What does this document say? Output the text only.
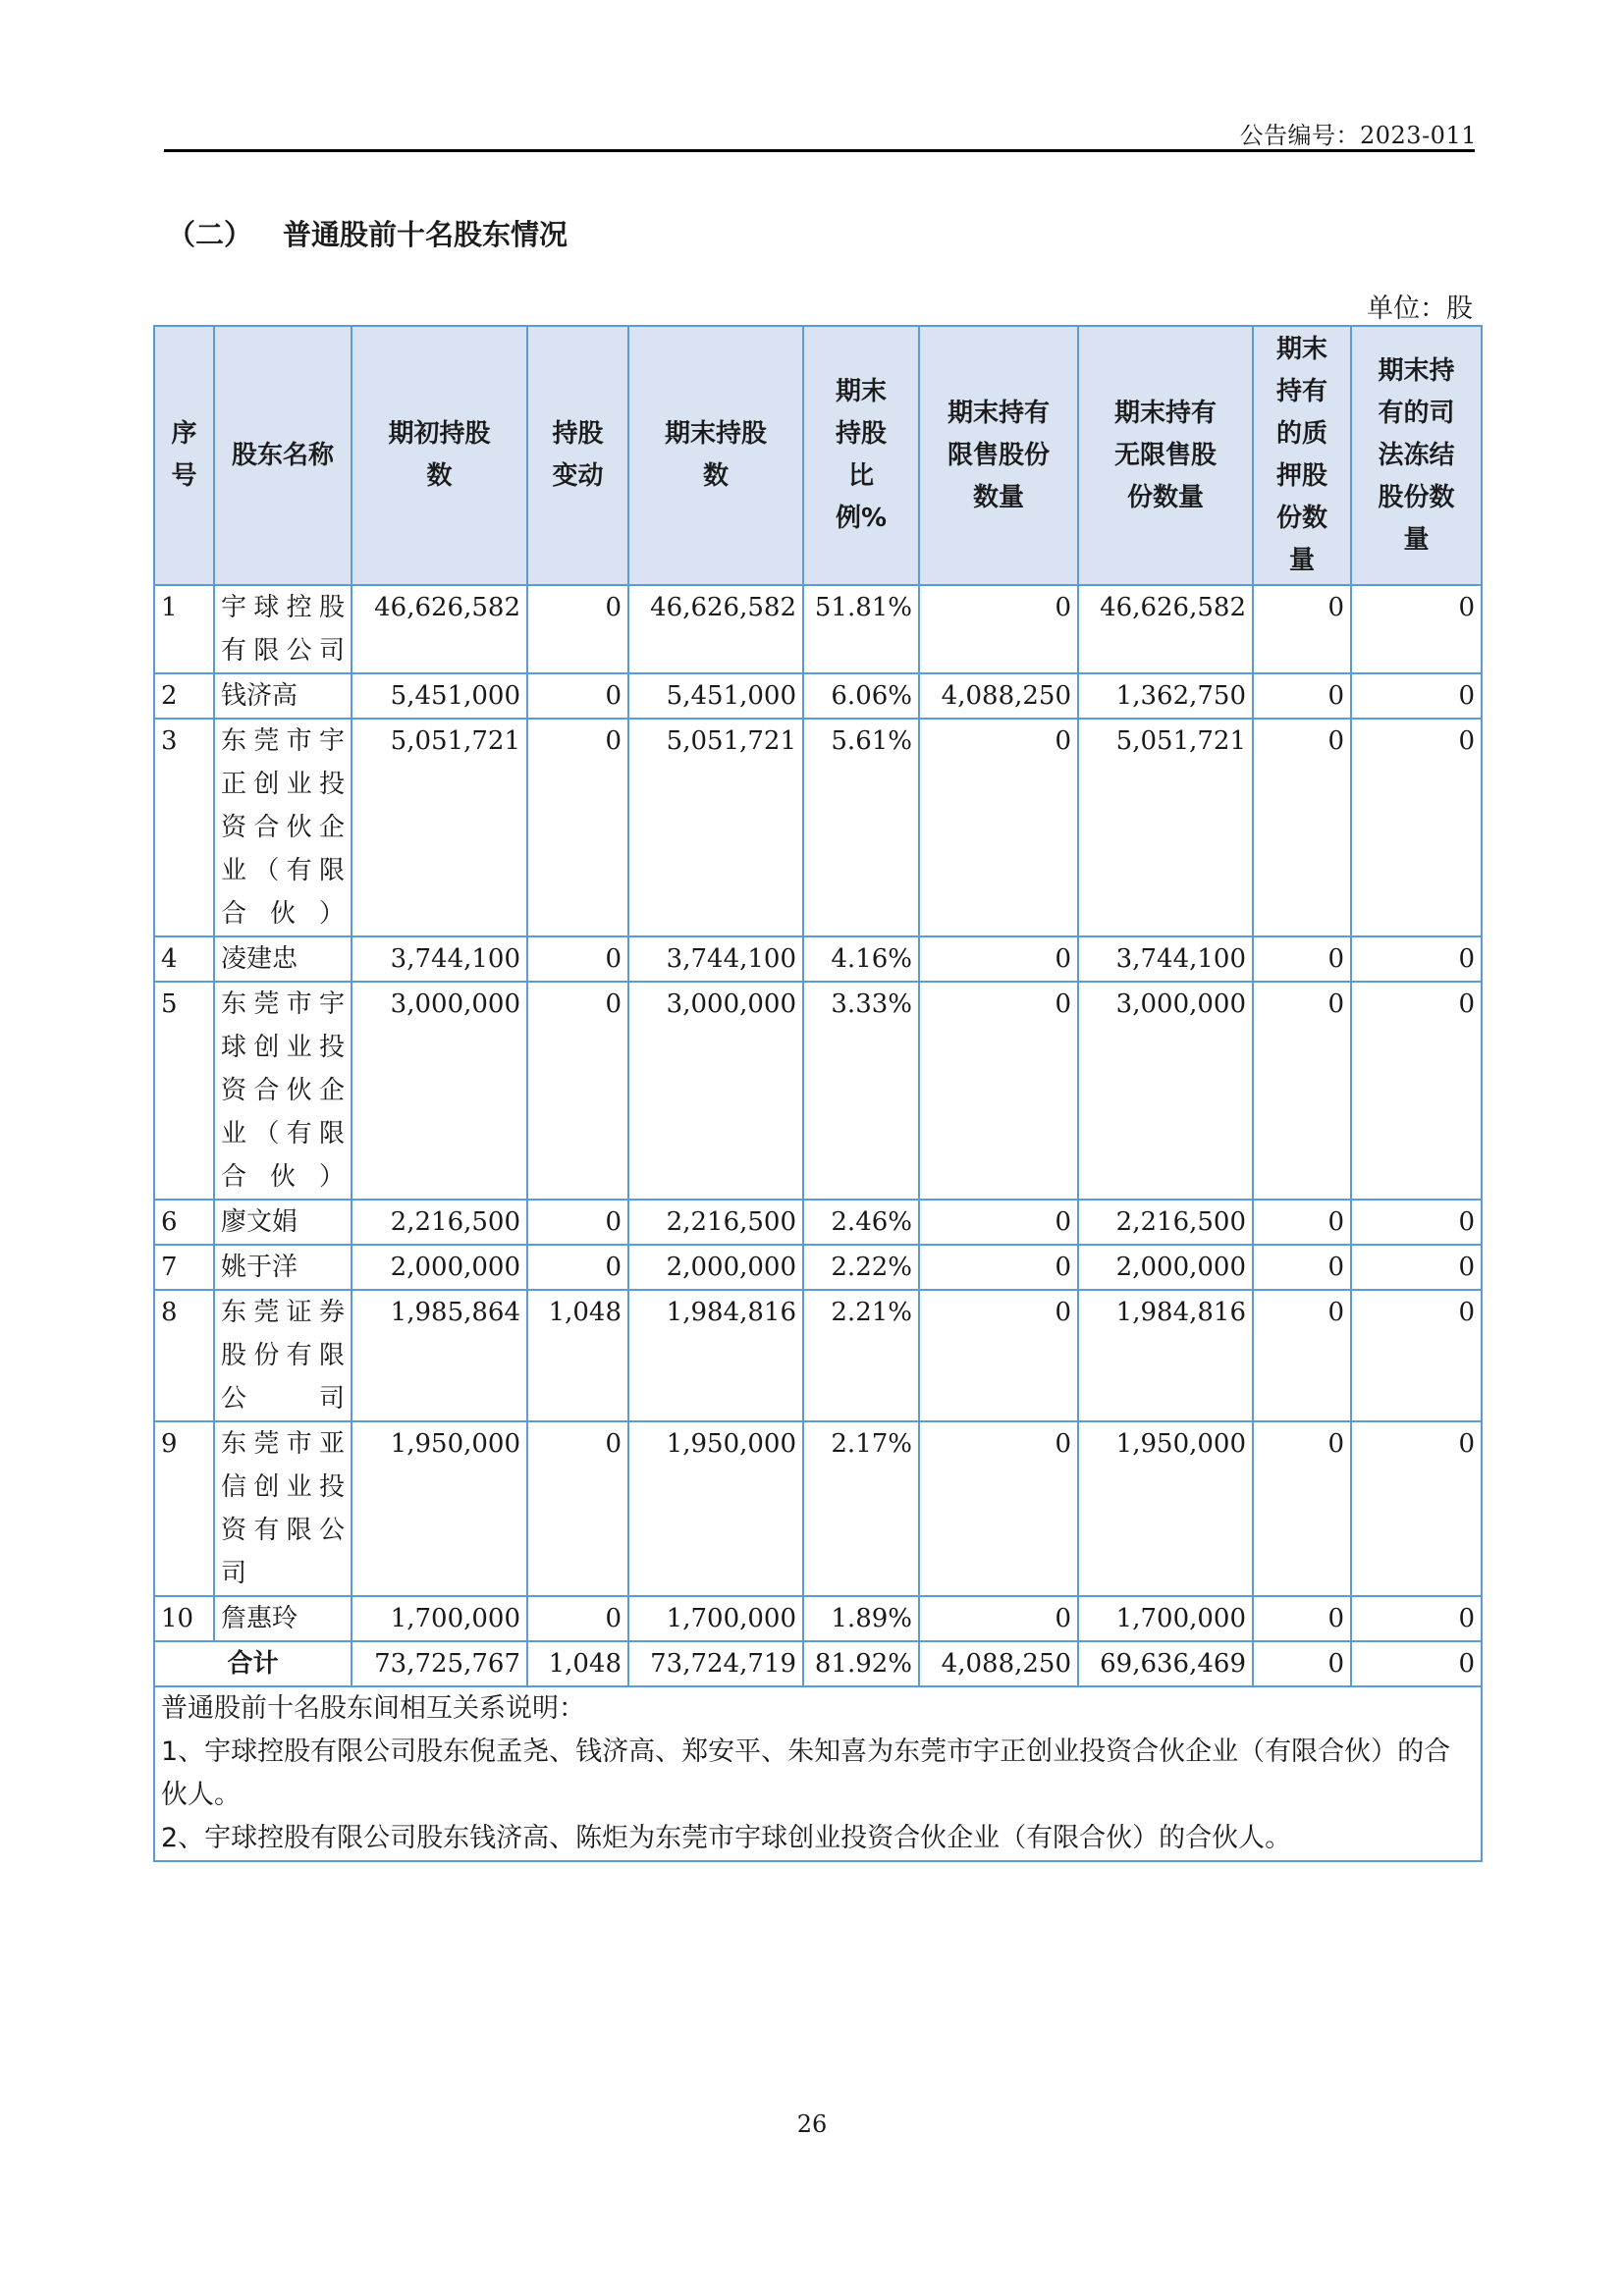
公告编号：2023-011
（二） 普通股前十名股东情况
单位：股
序号	股东名称	期初持股数	持股变动	期末持股数	期末持股比例%	期末持有限售股份数量	期末持有无限售股份数量	期末持有的质押股份数量	期末持有的司法冻结股份数量

1	宇球控股有限公司	46,626,582	0	46,626,582	51.81%	0	46,626,582	0	0
2	钱济高	5,451,000	0	5,451,000	6.06%	4,088,250	1,362,750	0	0
3	东莞市宇正创业投资合伙企业（有限合伙）	5,051,721	0	5,051,721	5.61%	0	5,051,721	0	0
4	凌建忠	3,744,100	0	3,744,100	4.16%	0	3,744,100	0	0
5	东莞市宇球创业投资合伙企业（有限合伙）	3,000,000	0	3,000,000	3.33%	0	3,000,000	0	0
6	廖文娟	2,216,500	0	2,216,500	2.46%	0	2,216,500	0	0
7	姚于洋	2,000,000	0	2,000,000	2.22%	0	2,000,000	0	0
8	东莞证券股份有限公司	1,985,864	1,048	1,984,816	2.21%	0	1,984,816	0	0
9	东莞市亚信创业投资有限公司	1,950,000	0	1,950,000	2.17%	0	1,950,000	0	0
10	詹惠玲	1,700,000	0	1,700,000	1.89%	0	1,700,000	0	0
合计		73,725,767	1,048	73,724,719	81.92%	4,088,250	69,636,469	0	0

普通股前十名股东间相互关系说明：
1、宇球控股有限公司股东倪孟尧、钱济高、郑安平、朱知喜为东莞市宇正创业投资合伙企业（有限合伙）的合伙人。
2、宇球控股有限公司股东钱济高、陈炬为东莞市宇球创业投资合伙企业（有限合伙）的合伙人。									
26
